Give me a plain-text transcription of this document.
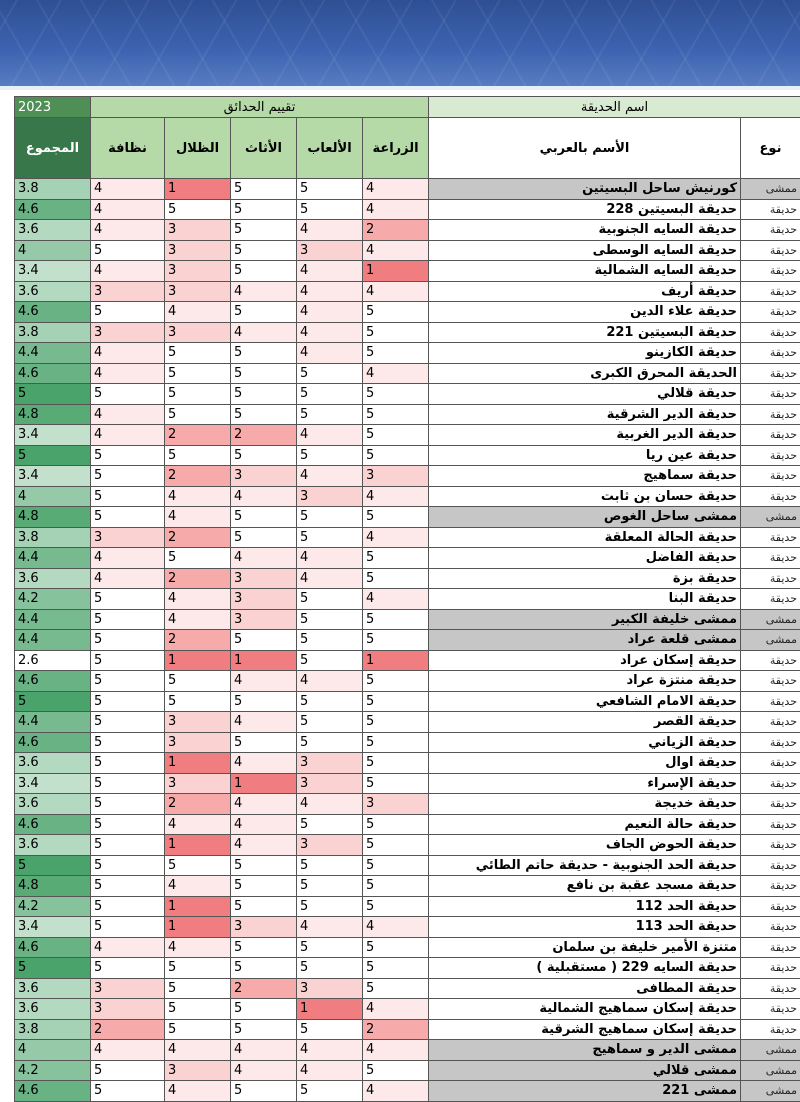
اسم الحديقة		تقييم الحدائق					2023
نوع	الأسم بالعربي	الزراعة	الألعاب	الأثاث	الظلال	نظافة	المجموع
ممشى	كورنيش ساحل البسيتين	4	5	5	1	4	3.8
حديقة	حديقة البسيتين 228	4	5	5	5	4	4.6
حديقة	حديقة السايه الجنوبية	2	4	5	3	4	3.6
حديقة	حديقة السايه الوسطى	4	3	5	3	5	4
حديقة	حديقة السايه الشمالية	1	4	5	3	4	3.4
حديقة	حديقة أريف	4	4	4	3	3	3.6
حديقة	حديقة علاء الدين	5	4	5	4	5	4.6
حديقة	حديقة البسيتين 221	5	4	4	3	3	3.8
حديقة	حديقة الكازينو	5	4	5	5	4	4.4
حديقة	الحديقة المحرق الكبرى	4	5	5	5	4	4.6
حديقة	حديقة قلالي	5	5	5	5	5	5
حديقة	حديقة الدير الشرقية	5	5	5	5	4	4.8
حديقة	حديقة الدير الغربية	5	4	2	2	4	3.4
حديقة	حديقة عين ريا	5	5	5	5	5	5
حديقة	حديقة سماهيج	3	4	3	2	5	3.4
حديقة	حديقة حسان بن ثابت	4	3	4	4	5	4
ممشى	ممشى ساحل الغوص	5	5	5	4	5	4.8
حديقة	حديقة الحالة المعلقة	4	5	5	2	3	3.8
حديقة	حديقة الفاضل	5	4	4	5	4	4.4
حديقة	حديقة بزة	5	4	3	2	4	3.6
حديقة	حديقة البنا	4	5	3	4	5	4.2
ممشى	ممشى خليفة الكبير	5	5	3	4	5	4.4
ممشى	ممشى قلعة عراد	5	5	5	2	5	4.4
حديقة	حديقة إسكان عراد	1	5	1	1	5	2.6
حديقة	حديقة منتزة عراد	5	4	4	5	5	4.6
حديقة	حديقة الامام الشافعي	5	5	5	5	5	5
حديقة	حديقة القصر	5	5	4	3	5	4.4
حديقة	حديقة الزياني	5	5	5	3	5	4.6
حديقة	حديقة اوال	5	3	4	1	5	3.6
حديقة	حديقة الإسراء	5	3	1	3	5	3.4
حديقة	حديقة خديجة	3	4	4	2	5	3.6
حديقة	حديقة حالة النعيم	5	5	4	4	5	4.6
حديقة	حديقة الحوض الجاف	5	3	4	1	5	3.6
حديقة	حديقة الحد الجنوبية - حديقة حاتم الطائي	5	5	5	5	5	5
حديقة	حديقة مسجد عقبة بن نافع	5	5	5	4	5	4.8
حديقة	حديقة الحد 112	5	5	5	1	5	4.2
حديقة	حديقة الحد 113	4	4	3	1	5	3.4
حديقة	متنزة الأمير خليفة بن سلمان	5	5	5	4	4	4.6
حديقة	حديقة السايه 229 ( مستقبلية )	5	5	5	5	5	5
حديقة	حديقة المطافى	5	3	2	5	3	3.6
حديقة	حديقة إسكان سماهيج الشمالية	4	1	5	5	3	3.6
حديقة	حديقة إسكان سماهيج الشرقية	2	5	5	5	2	3.8
ممشى	ممشى الدير و سماهيج	4	4	4	4	4	4
ممشى	ممشى قلالي	5	4	4	3	5	4.2
ممشى	ممشى 221	4	5	5	4	5	4.6
